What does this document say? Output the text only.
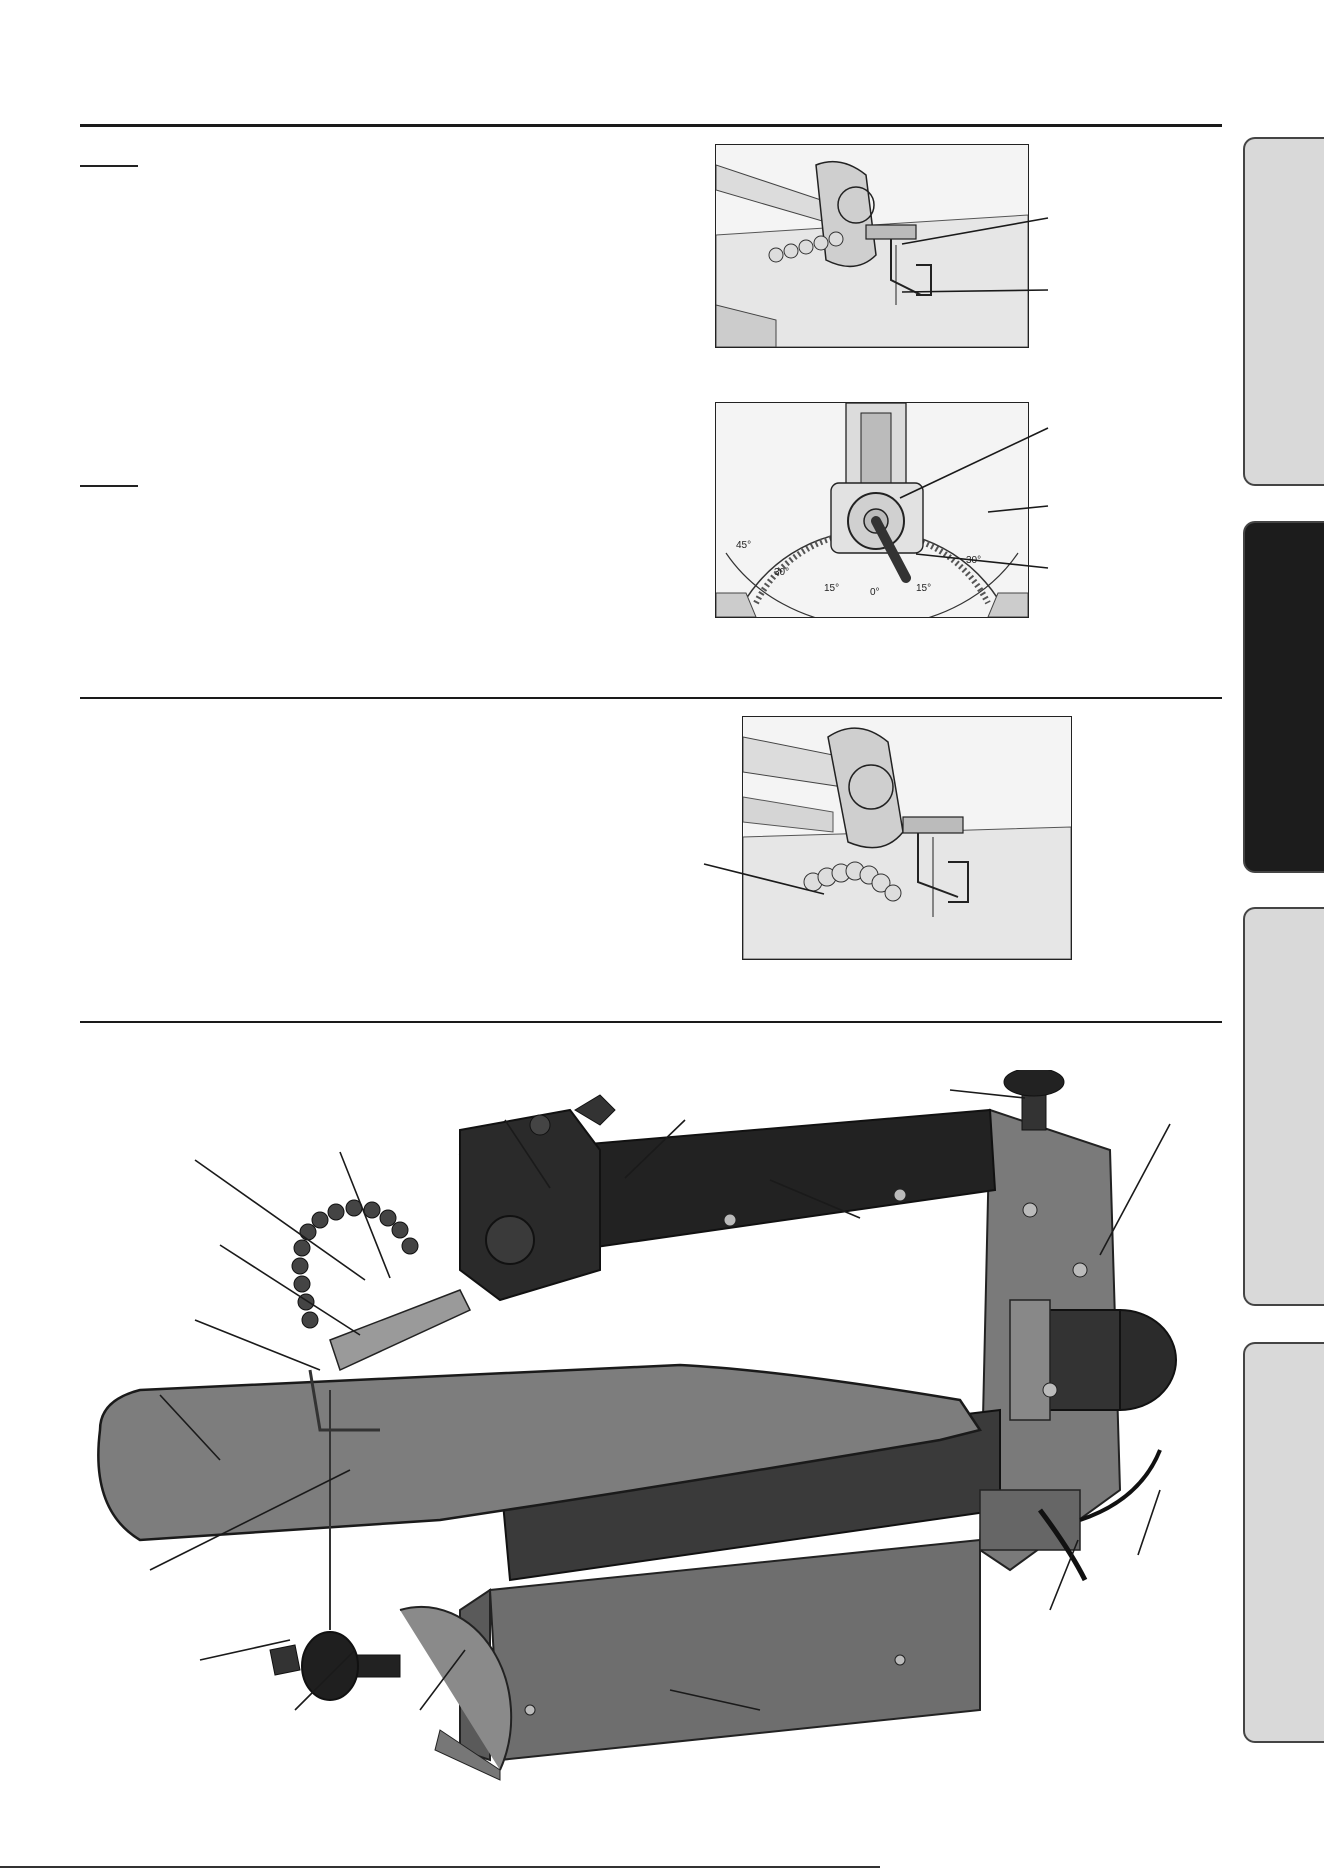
45°
30°
15°	0°	15°
30°
